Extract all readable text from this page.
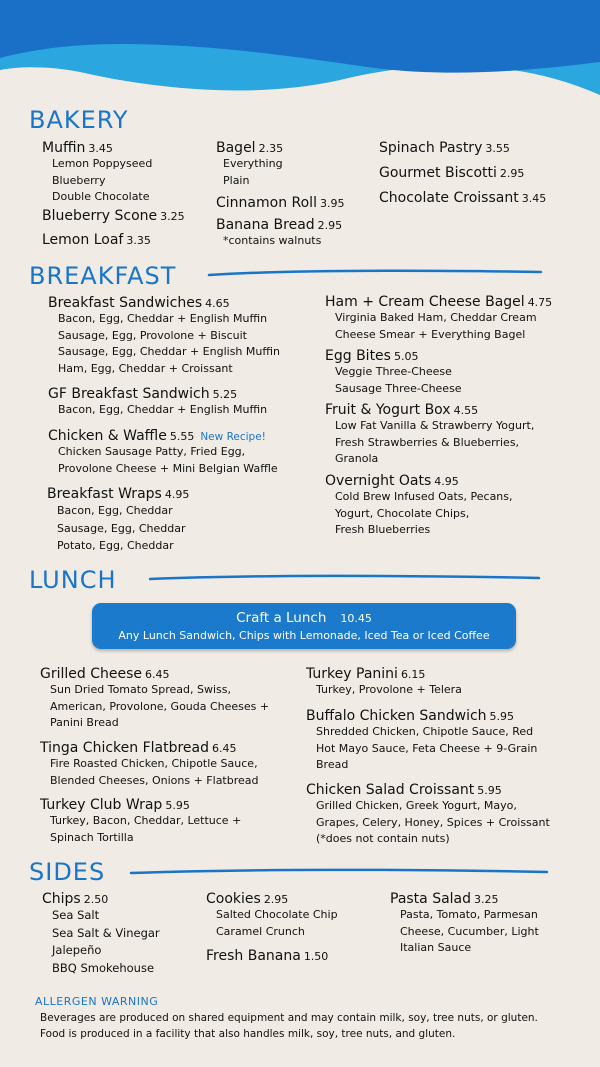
BAKERY
Muffin 3.45
Lemon Poppyseed
Blueberry
Double Chocolate
Blueberry Scone 3.25
Lemon Loaf 3.35
Bagel 2.35
Everything
Plain
Cinnamon Roll 3.95
Banana Bread 2.95
*contains walnuts
Spinach Pastry 3.55
Gourmet Biscotti 2.95
Chocolate Croissant 3.45
BREAKFAST
Breakfast Sandwiches 4.65
Bacon, Egg, Cheddar + English Muffin
Sausage, Egg, Provolone + Biscuit
Sausage, Egg, Cheddar + English Muffin
Ham, Egg, Cheddar + Croissant
GF Breakfast Sandwich 5.25
Bacon, Egg, Cheddar + English Muffin
Chicken & Waffle 5.55 New Recipe!
Chicken Sausage Patty, Fried Egg,
Provolone Cheese + Mini Belgian Waffle
Breakfast Wraps 4.95
Bacon, Egg, Cheddar
Sausage, Egg, Cheddar
Potato, Egg, Cheddar
Ham + Cream Cheese Bagel 4.75
Virginia Baked Ham, Cheddar Cream
Cheese Smear + Everything Bagel
Egg Bites 5.05
Veggie Three-Cheese
Sausage Three-Cheese
Fruit & Yogurt Box 4.55
Low Fat Vanilla & Strawberry Yogurt,
Fresh Strawberries & Blueberries,
Granola
Overnight Oats 4.95
Cold Brew Infused Oats, Pecans,
Yogurt, Chocolate Chips,
Fresh Blueberries
LUNCH
Craft a Lunch 10.45
Any Lunch Sandwich, Chips with Lemonade, Iced Tea or Iced Coffee
Grilled Cheese 6.45
Sun Dried Tomato Spread, Swiss,
American, Provolone, Gouda Cheeses +
Panini Bread
Tinga Chicken Flatbread 6.45
Fire Roasted Chicken, Chipotle Sauce,
Blended Cheeses, Onions + Flatbread
Turkey Club Wrap 5.95
Turkey, Bacon, Cheddar, Lettuce +
Spinach Tortilla
Turkey Panini 6.15
Turkey, Provolone + Telera
Buffalo Chicken Sandwich 5.95
Shredded Chicken, Chipotle Sauce, Red
Hot Mayo Sauce, Feta Cheese + 9-Grain
Bread
Chicken Salad Croissant 5.95
Grilled Chicken, Greek Yogurt, Mayo,
Grapes, Celery, Honey, Spices + Croissant
(*does not contain nuts)
SIDES
Chips 2.50
Sea Salt
Sea Salt & Vinegar
Jalepeño
BBQ Smokehouse
Cookies 2.95
Salted Chocolate Chip
Caramel Crunch
Fresh Banana 1.50
Pasta Salad 3.25
Pasta, Tomato, Parmesan
Cheese, Cucumber, Light
Italian Sauce
ALLERGEN WARNING
Beverages are produced on shared equipment and may contain milk, soy, tree nuts, or gluten.
Food is produced in a facility that also handles milk, soy, tree nuts, and gluten.
